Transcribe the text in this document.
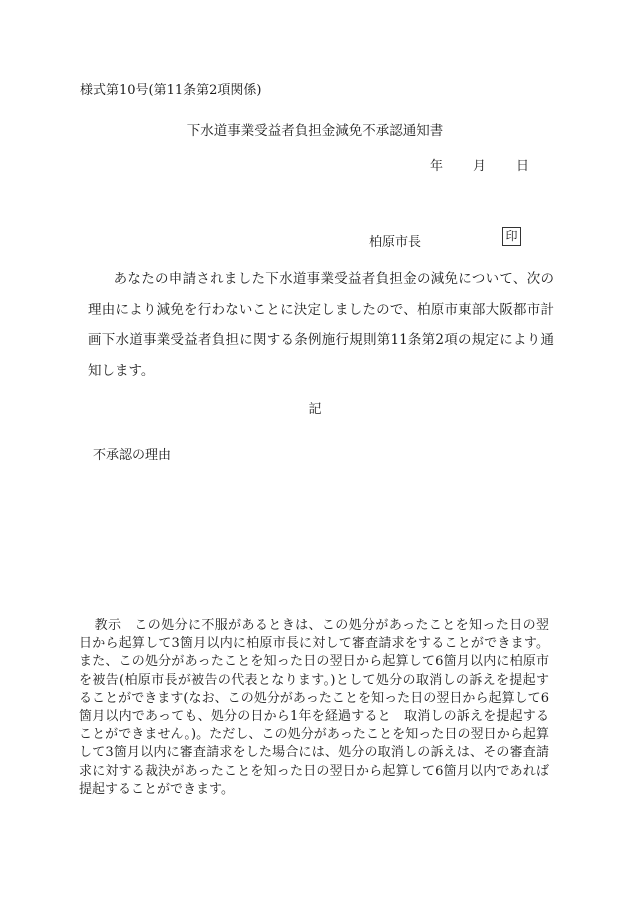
様式第10号(第11条第2項関係)
下水道事業受益者負担金減免不承認通知書
年 月 日
柏原市長	印
あなたの申請されました下水道事業受益者負担金の減免について、次の理由により減免を行わないことに決定しましたので、柏原市東部大阪都市計画下水道事業受益者負担に関する条例施行規則第11条第2項の規定により通知します。
記
不承認の理由
教示 この処分に不服があるときは、この処分があったことを知った日の翌日から起算して3箇月以内に柏原市長に対して審査請求をすることができます。また、この処分があったことを知った日の翌日から起算して6箇月以内に柏原市を被告(柏原市長が被告の代表となります。)として処分の取消しの訴えを提起することができます(なお、この処分があったことを知った日の翌日から起算して6箇月以内であっても、処分の日から1年を経過すると　取消しの訴えを提起することができません。)。ただし、この処分があったことを知った日の翌日から起算して3箇月以内に審査請求をした場合には、処分の取消しの訴えは、その審査請求に対する裁決があったことを知った日の翌日から起算して6箇月以内であれば提起することができます。
